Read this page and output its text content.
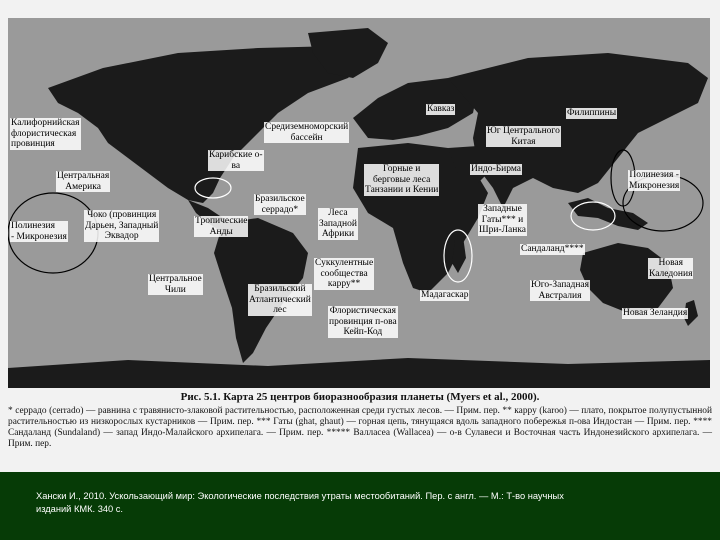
Калифорнийская
флористическая
провинция
Средиземноморский
бассейн
Кавказ	Филиппины
Юг Центрального
Китая
Карибские о-
ва
Центральная
Америка
Чоко (провинция
Дарьен, Западный
Эквадор
Полинезия
- Микронезия
Бразильское
серрадо*
Тропические
Анды
Леса
Западной
Африки
Горные и
берговые леса
Танзании и Кении
Индо-Бирма
Западные
Гаты*** и
Шри-Ланка
Сандаланд****
Полинезия -
Микронезия
Центральное
Чили
Суккулентные
сообщества
карру**
Бразильский
Атлантический
лес
Мадагаскар
Флористическая
провинция п-ова
Кейп-Код
Юго-Западная
Австралия
Новая
Каледония
Новая Зеландия
Рис. 5.1. Карта 25 центров биоразнообразия планеты (Myers et al., 2000).
* серрадо (cerrado) — равнина с травянисто-злаковой растительностью, расположенная среди густых лесов. — Прим. пер. ** карру (karoo) — плато, покрытое полупустынной растительностью из низкорослых кустарников — Прим. пер. *** Гаты (ghat, ghaut) — горная цепь, тянущаяся вдоль западного побережья п-ова Индостан — Прим. пер. **** Сандаланд (Sundaland) — запад Индо-Малайского архипелага. — Прим. пер. ***** Валласеа (Wallacea) — о-в Сулавеси и Восточная часть Индонезийского архипелага. — Прим. пер.
Хански И., 2010. Ускользающий мир: Экологические последствия утраты местообитаний. Пер. с англ. — М.: Т-во научных изданий КМК. 340 с.
